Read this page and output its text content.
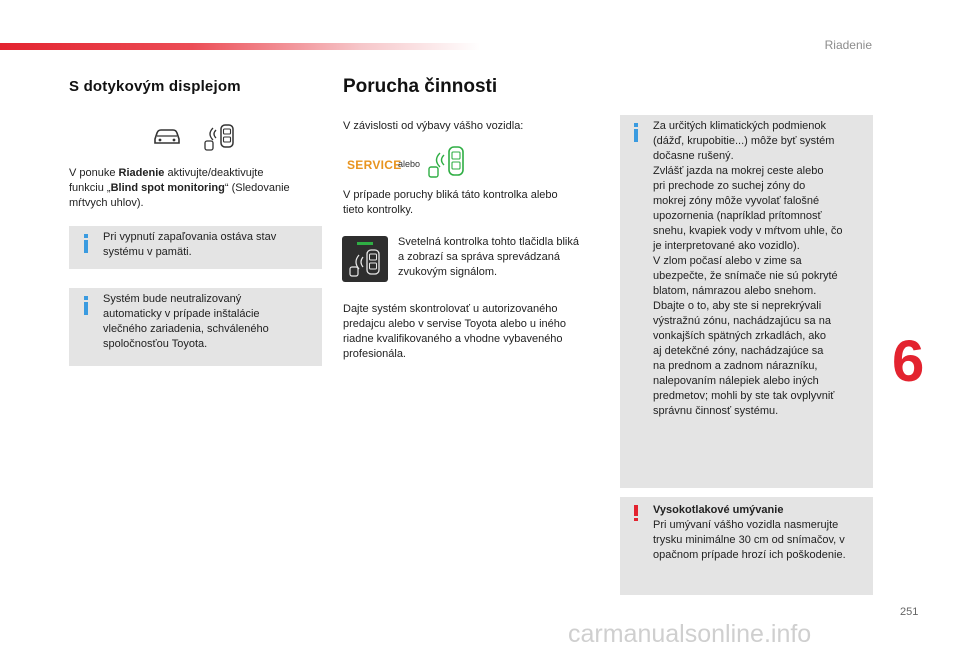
Riadenie
S dotykovým displejom
V ponuke Riadenie aktivujte/deaktivujte
funkciu „Blind spot monitoring“ (Sledovanie
mŕtvych uhlov).
Pri vypnutí zapaľovania ostáva stav
systému v pamäti.
Systém bude neutralizovaný
automaticky v prípade inštalácie
vlečného zariadenia, schváleného
spoločnosťou Toyota.
Porucha činnosti
V závislosti od výbavy vášho vozidla:
SERVICE
alebo
V prípade poruchy bliká táto kontrolka alebo
tieto kontrolky.
Svetelná kontrolka tohto tlačidla bliká
a zobrazí sa správa sprevádzaná
zvukovým signálom.
Dajte systém skontrolovať u autorizovaného
predajcu alebo v servise Toyota alebo u iného
riadne kvalifikovaného a vhodne vybaveného
profesionála.
Za určitých klimatických podmienok
(dážď, krupobitie...) môže byť systém
dočasne rušený.
Zvlášť jazda na mokrej ceste alebo
pri prechode zo suchej zóny do
mokrej zóny môže vyvolať falošné
upozornenia (napríklad prítomnosť
snehu, kvapiek vody v mŕtvom uhle, čo
je interpretované ako vozidlo).
V zlom počasí alebo v zime sa
ubezpečte, že snímače nie sú pokryté
blatom, námrazou alebo snehom.
Dbajte o to, aby ste si neprekrývali
výstražnú zónu, nachádzajúcu sa na
vonkajších spätných zrkadlách, ako
aj detekčné zóny, nachádzajúce sa
na prednom a zadnom nárazníku,
nalepovaním nálepiek alebo iných
predmetov; mohli by ste tak ovplyvniť
správnu činnosť systému.
Vysokotlakové umývanie
Pri umývaní vášho vozidla nasmerujte
trysku minimálne 30 cm od snímačov, v
opačnom prípade hrozí ich poškodenie.
6
251
carmanualsonline.info
